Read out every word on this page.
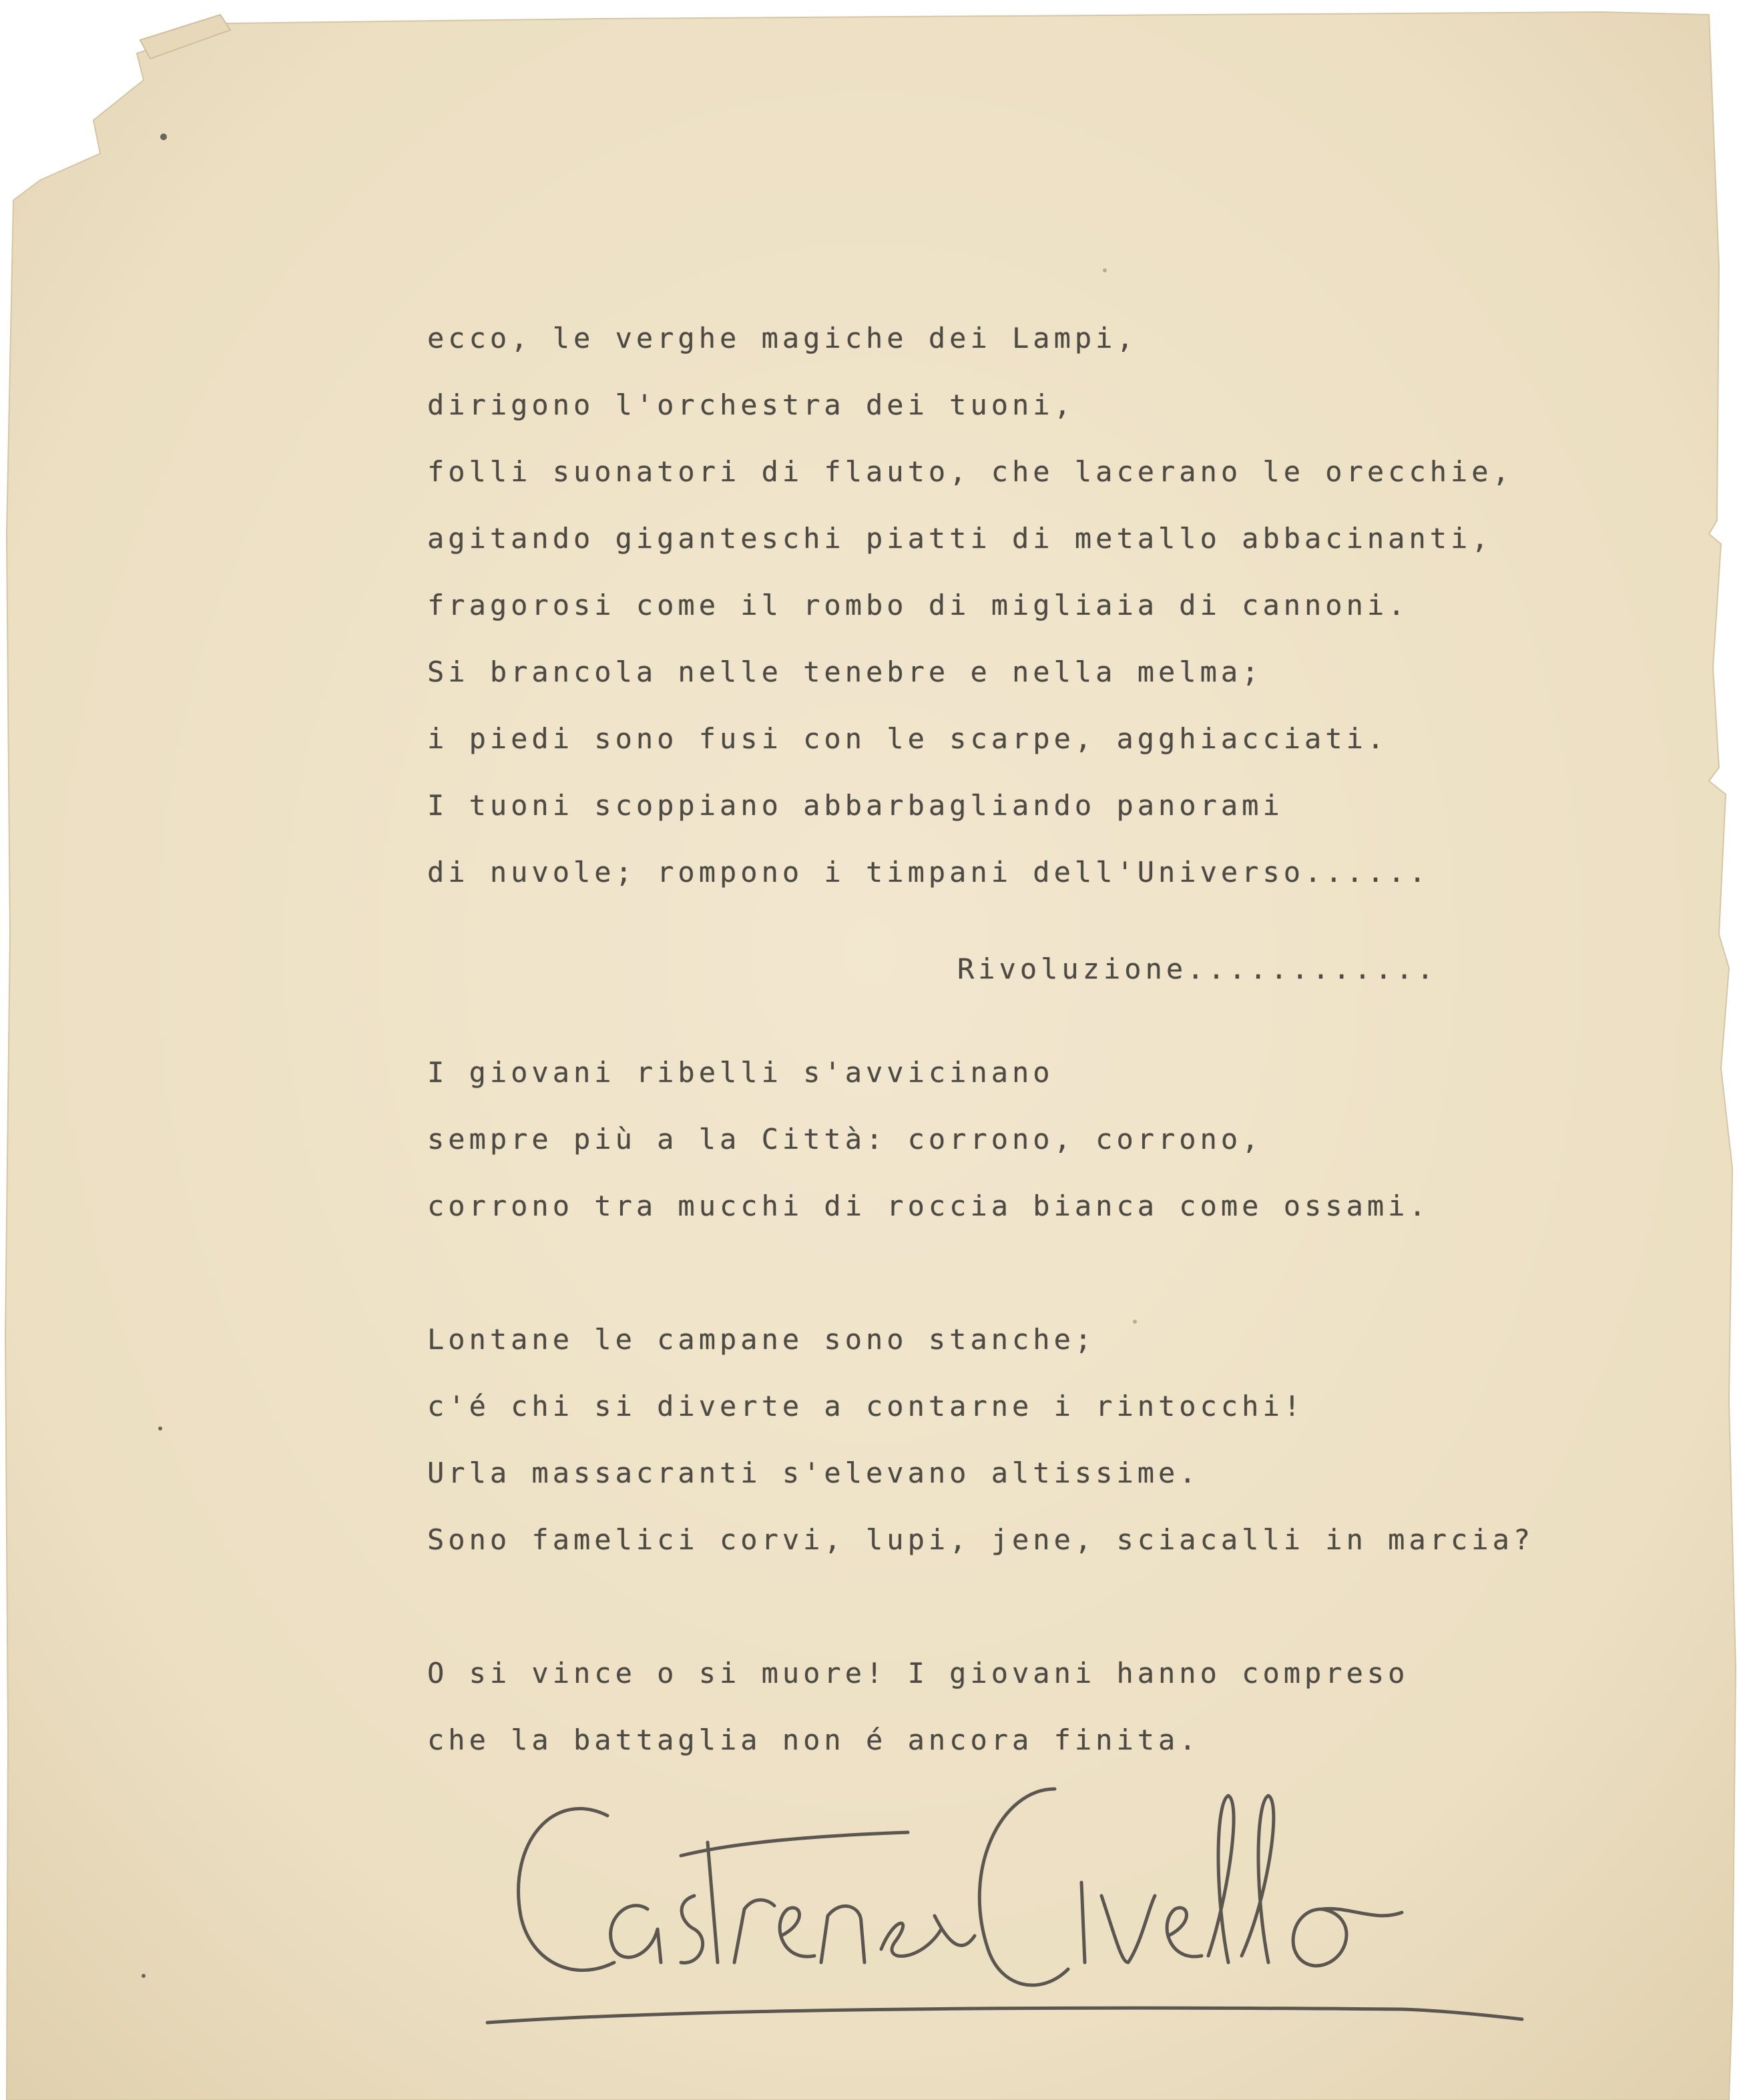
ecco, le verghe magiche dei Lampi,

dirigono l'orchestra dei tuoni,

folli suonatori di flauto, che lacerano le orecchie,

agitando giganteschi piatti di metallo abbacinanti,

fragorosi come il rombo di migliaia di cannoni.

Si brancola nelle tenebre e nella melma;

i piedi sono fusi con le scarpe, agghiacciati.

I tuoni scoppiano abbarbagliando panorami

di nuvole; rompono i timpani dell'Universo......

Rivoluzione............

I giovani ribelli s'avvicinano

sempre più a la Città: corrono, corrono,

corrono tra mucchi di roccia bianca come ossami.

Lontane le campane sono stanche;

c'é chi si diverte a contarne i rintocchi!

Urla massacranti s'elevano altissime.

Sono famelici corvi, lupi, jene, sciacalli in marcia?

O si vince o si muore! I giovani hanno compreso

che la battaglia non é ancora finita.
